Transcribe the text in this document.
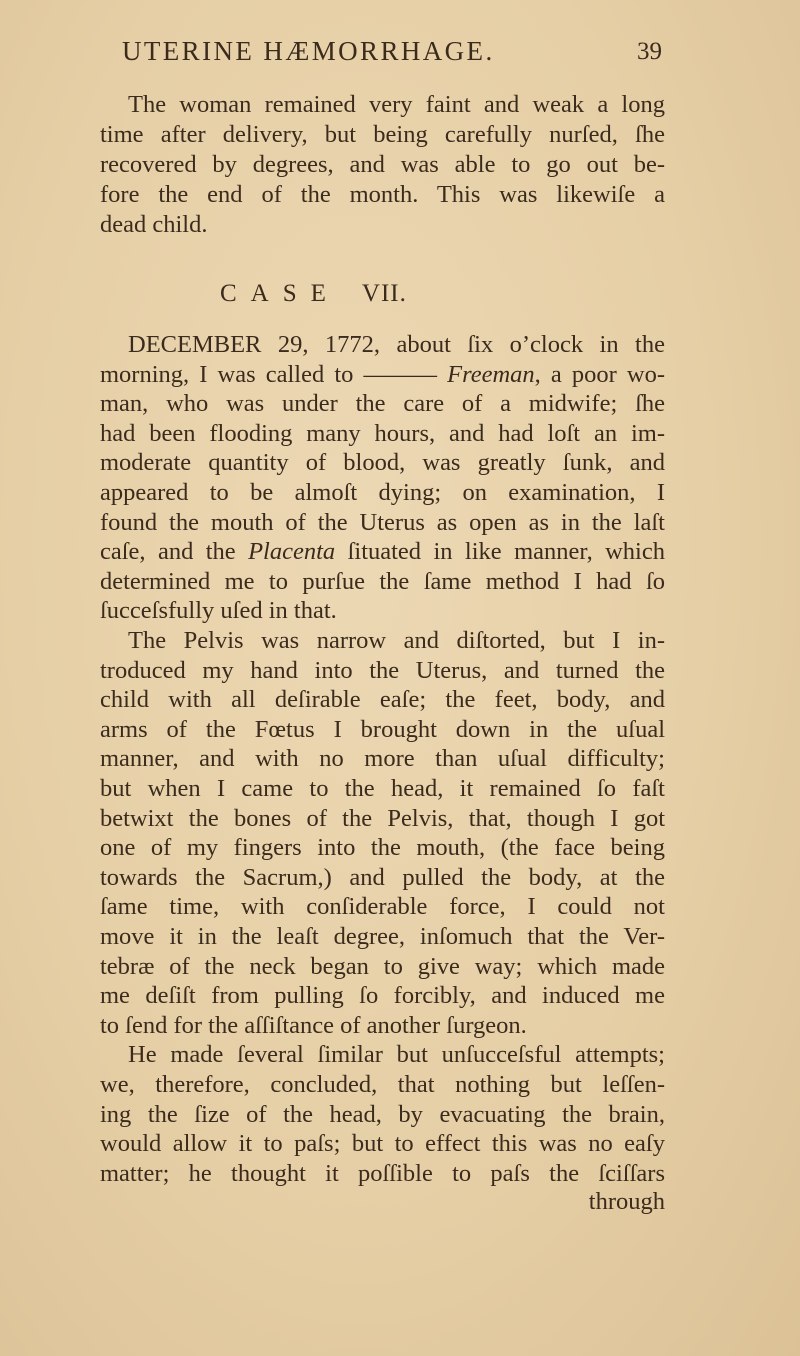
UTERINE HÆMORRHAGE.	39
The woman remained very faint and weak a long
time after delivery, but being carefully nurſed, ſhe
recovered by degrees, and was able to go out be-
fore the end of the month. This was likewiſe a
dead child.
CASE VII.
DECEMBER 29, 1772, about ſix o’clock in the
morning, I was called to ——— Freeman, a poor wo-
man, who was under the care of a midwife; ſhe
had been flooding many hours, and had loſt an im-
moderate quantity of blood, was greatly ſunk, and
appeared to be almoſt dying; on examination, I
found the mouth of the Uterus as open as in the laſt
caſe, and the Placenta ſituated in like manner, which
determined me to purſue the ſame method I had ſo
ſucceſsfully uſed in that.
The Pelvis was narrow and diſtorted, but I in-
troduced my hand into the Uterus, and turned the
child with all deſirable eaſe; the feet, body, and
arms of the Fœtus I brought down in the uſual
manner, and with no more than uſual difficulty;
but when I came to the head, it remained ſo faſt
betwixt the bones of the Pelvis, that, though I got
one of my fingers into the mouth, (the face being
towards the Sacrum,) and pulled the body, at the
ſame time, with conſiderable force, I could not
move it in the leaſt degree, inſomuch that the Ver-
tebræ of the neck began to give way; which made
me deſiſt from pulling ſo forcibly, and induced me
to ſend for the aſſiſtance of another ſurgeon.
He made ſeveral ſimilar but unſucceſsful attempts;
we, therefore, concluded, that nothing but leſſen-
ing the ſize of the head, by evacuating the brain,
would allow it to paſs; but to effect this was no eaſy
matter; he thought it poſſible to paſs the ſciſſars
through
